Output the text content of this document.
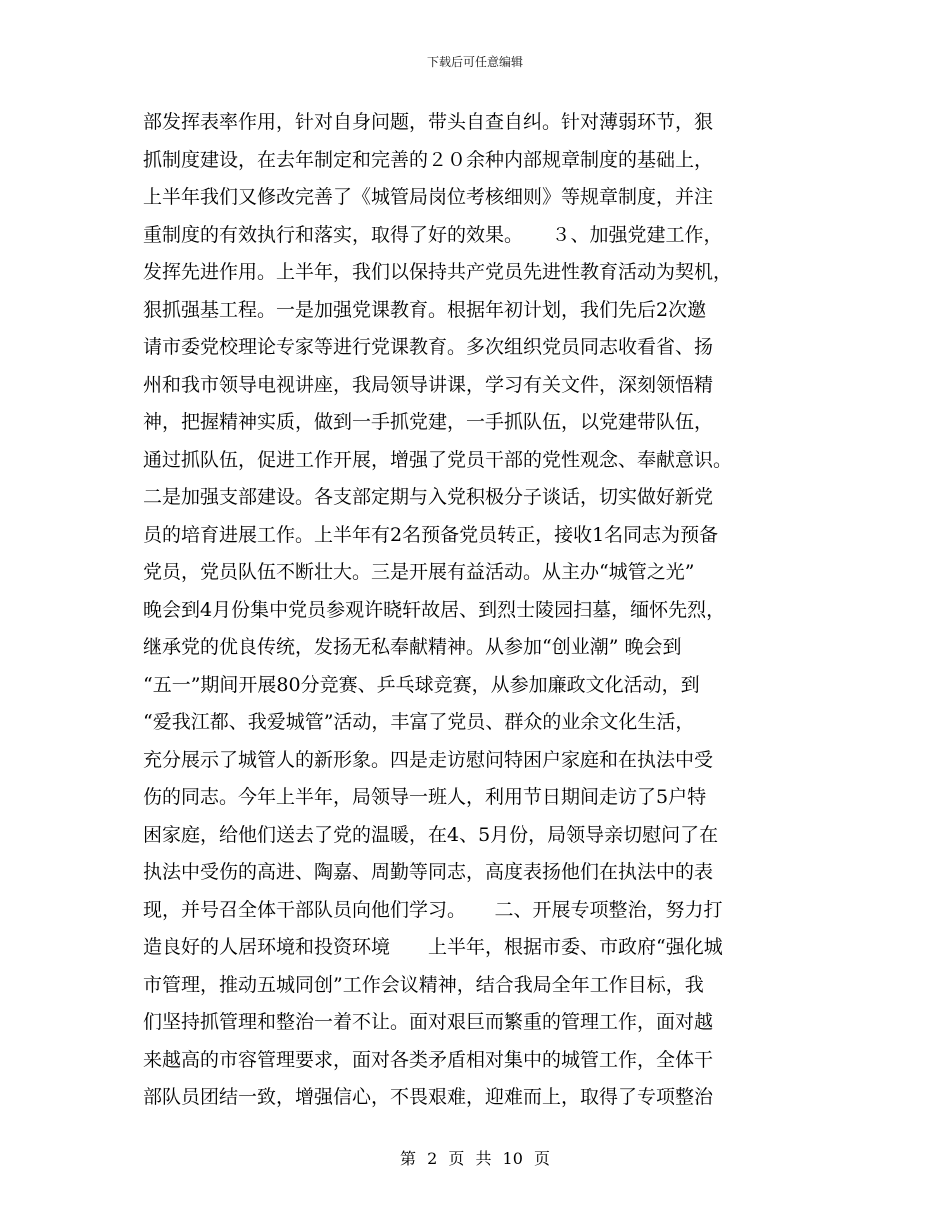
下载后可任意编辑
部发挥表率作用，针对自身问题，带头自查自纠。针对薄弱环节，狠
抓制度建设，在去年制定和完善的２０余种内部规章制度的基础上，
上半年我们又修改完善了《城管局岗位考核细则》等规章制度，并注
重制度的有效执行和落实，取得了好的效果。　　３、加强党建工作，
发挥先进作用。上半年，我们以保持共产党员先进性教育活动为契机，
狠抓强基工程。一是加强党课教育。根据年初计划，我们先后2次邀
请市委党校理论专家等进行党课教育。多次组织党员同志收看省、扬
州和我市领导电视讲座，我局领导讲课，学习有关文件，深刻领悟精
神，把握精神实质，做到一手抓党建，一手抓队伍，以党建带队伍，
通过抓队伍，促进工作开展，增强了党员干部的党性观念、奉献意识。
二是加强支部建设。各支部定期与入党积极分子谈话，切实做好新党
员的培育进展工作。上半年有2名预备党员转正，接收1名同志为预备
党员，党员队伍不断壮大。三是开展有益活动。从主办“城管之光”
晚会到4月份集中党员参观许晓轩故居、到烈士陵园扫墓，缅怀先烈，
继承党的优良传统，发扬无私奉献精神。从参加“创业潮” 晚会到
“五一”期间开展80分竞赛、乒乓球竞赛，从参加廉政文化活动，到
“爱我江都、我爱城管”活动，丰富了党员、群众的业余文化生活，
充分展示了城管人的新形象。四是走访慰问特困户家庭和在执法中受
伤的同志。今年上半年，局领导一班人，利用节日期间走访了5户特
困家庭，给他们送去了党的温暖，在4、5月份，局领导亲切慰问了在
执法中受伤的高进、陶嘉、周勤等同志，高度表扬他们在执法中的表
现，并号召全体干部队员向他们学习。　　二、开展专项整治，努力打
造良好的人居环境和投资环境　　上半年，根据市委、市政府“强化城
市管理，推动五城同创”工作会议精神，结合我局全年工作目标，我
们坚持抓管理和整治一着不让。面对艰巨而繁重的管理工作，面对越
来越高的市容管理要求，面对各类矛盾相对集中的城管工作，全体干
部队员团结一致，增强信心，不畏艰难，迎难而上，取得了专项整治
第 2 页 共 10 页
